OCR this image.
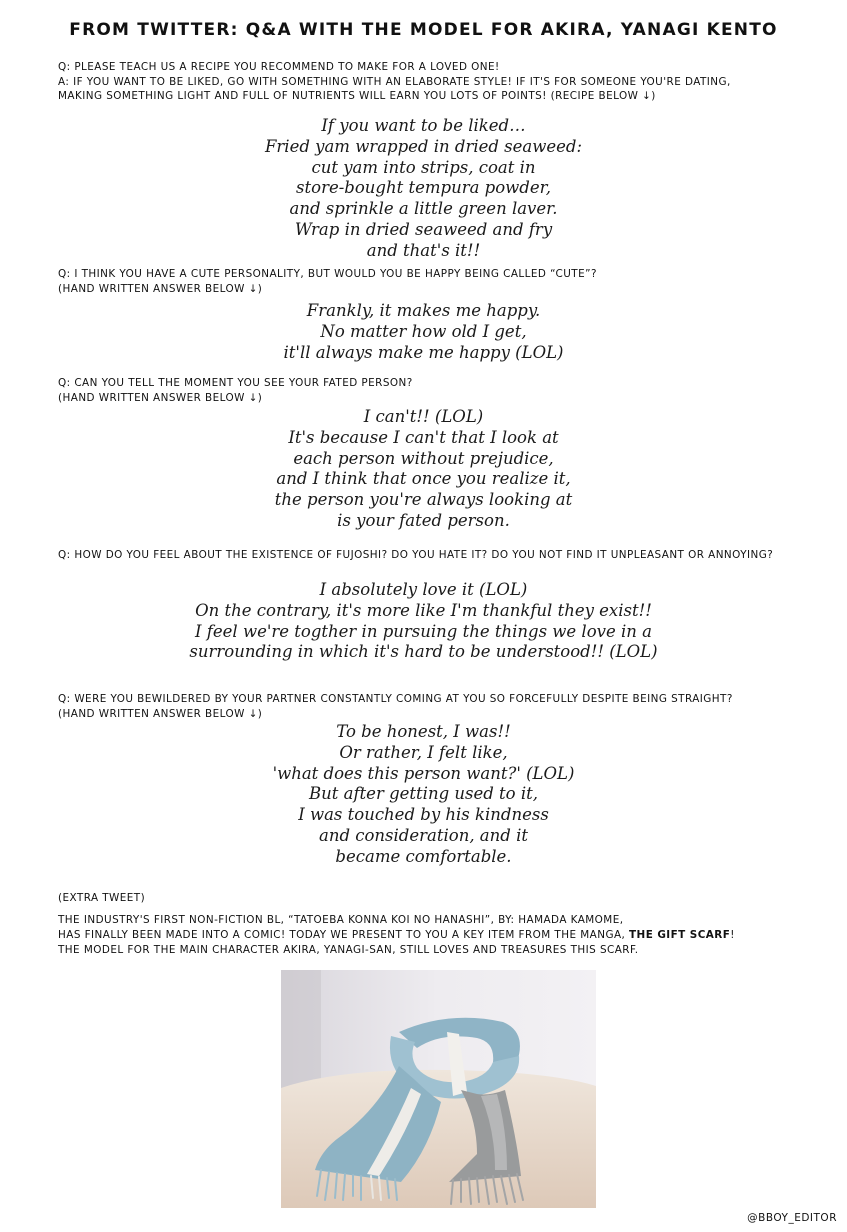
FROM TWITTER: Q&A WITH THE MODEL FOR AKIRA, YANAGI KENTO
Q: PLEASE TEACH US A RECIPE YOU RECOMMEND TO MAKE FOR A LOVED ONE!
A: IF YOU WANT TO BE LIKED, GO WITH SOMETHING WITH AN ELABORATE STYLE! IF IT'S FOR SOMEONE YOU'RE DATING,
MAKING SOMETHING LIGHT AND FULL OF NUTRIENTS WILL EARN YOU LOTS OF POINTS! (RECIPE BELOW ↓)
If you want to be liked…
Fried yam wrapped in dried seaweed:
cut yam into strips, coat in
store-bought tempura powder,
and sprinkle a little green laver.
Wrap in dried seaweed and fry
and that's it!!
Q: I THINK YOU HAVE A CUTE PERSONALITY, BUT WOULD YOU BE HAPPY BEING CALLED “CUTE”?
(HAND WRITTEN ANSWER BELOW ↓)
Frankly, it makes me happy.
No matter how old I get,
it'll always make me happy (LOL)
Q: CAN YOU TELL THE MOMENT YOU SEE YOUR FATED PERSON?
(HAND WRITTEN ANSWER BELOW ↓)
I can't!! (LOL)
It's because I can't that I look at
each person without prejudice,
and I think that once you realize it,
the person you're always looking at
is your fated person.
Q: HOW DO YOU FEEL ABOUT THE EXISTENCE OF FUJOSHI? DO YOU HATE IT? DO YOU NOT FIND IT UNPLEASANT OR ANNOYING?
I absolutely love it (LOL)
On the contrary, it's more like I'm thankful they exist!!
I feel we're togther in pursuing the things we love in a
surrounding in which it's hard to be understood!! (LOL)
Q: WERE YOU BEWILDERED BY YOUR PARTNER CONSTANTLY COMING AT YOU SO FORCEFULLY DESPITE BEING STRAIGHT?
(HAND WRITTEN ANSWER BELOW ↓)
To be honest, I was!!
Or rather, I felt like,
'what does this person want?' (LOL)
But after getting used to it,
I was touched by his kindness
and consideration, and it
became comfortable.
(EXTRA TWEET)
THE INDUSTRY'S FIRST NON-FICTION BL, “TATOEBA KONNA KOI NO HANASHI”, BY: HAMADA KAMOME,
HAS FINALLY BEEN MADE INTO A COMIC! TODAY WE PRESENT TO YOU A KEY ITEM FROM THE MANGA, THE GIFT SCARF!
THE MODEL FOR THE MAIN CHARACTER AKIRA, YANAGI-SAN, STILL LOVES AND TREASURES THIS SCARF.
@BBOY_EDITOR
